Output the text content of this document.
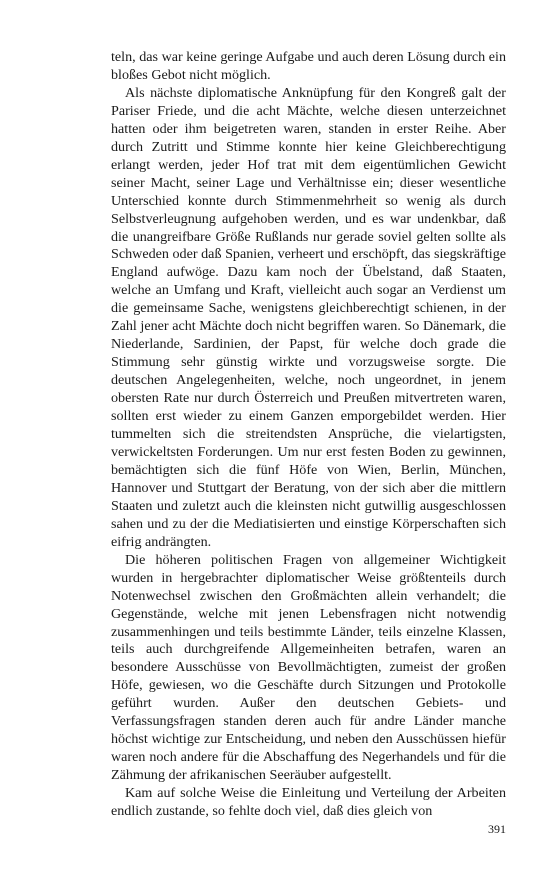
teln, das war keine geringe Aufgabe und auch deren Lösung durch ein bloßes Gebot nicht möglich.

Als nächste diplomatische Anknüpfung für den Kongreß galt der Pariser Friede, und die acht Mächte, welche diesen unterzeichnet hatten oder ihm beigetreten waren, standen in erster Reihe. Aber durch Zutritt und Stimme konnte hier keine Gleichberechtigung erlangt werden, jeder Hof trat mit dem eigentümlichen Gewicht seiner Macht, seiner Lage und Verhältnisse ein; dieser wesentliche Unterschied konnte durch Stimmenmehrheit so wenig als durch Selbstverleugnung aufgehoben werden, und es war undenkbar, daß die unangreifbare Größe Rußlands nur gerade soviel gelten sollte als Schweden oder daß Spanien, verheert und erschöpft, das siegskräftige England aufwöge. Dazu kam noch der Übelstand, daß Staaten, welche an Umfang und Kraft, vielleicht auch sogar an Verdienst um die gemeinsame Sache, wenigstens gleichberechtigt schienen, in der Zahl jener acht Mächte doch nicht begriffen waren. So Dänemark, die Niederlande, Sardinien, der Papst, für welche doch grade die Stimmung sehr günstig wirkte und vorzugsweise sorgte. Die deutschen Angelegenheiten, welche, noch ungeordnet, in jenem obersten Rate nur durch Österreich und Preußen mitvertreten waren, sollten erst wieder zu einem Ganzen emporgebildet werden. Hier tummelten sich die streitendsten Ansprüche, die vielartigsten, verwickeltsten Forderungen. Um nur erst festen Boden zu gewinnen, bemächtigten sich die fünf Höfe von Wien, Berlin, München, Hannover und Stuttgart der Beratung, von der sich aber die mittlern Staaten und zuletzt auch die kleinsten nicht gutwillig ausgeschlossen sahen und zu der die Mediatisierten und einstige Körperschaften sich eifrig andrängten.

Die höheren politischen Fragen von allgemeiner Wichtigkeit wurden in hergebrachter diplomatischer Weise größtenteils durch Notenwechsel zwischen den Großmächten allein verhandelt; die Gegenstände, welche mit jenen Lebensfragen nicht notwendig zusammenhingen und teils bestimmte Länder, teils einzelne Klassen, teils auch durchgreifende Allgemeinheiten betrafen, waren an besondere Ausschüsse von Bevollmächtigten, zumeist der großen Höfe, gewiesen, wo die Geschäfte durch Sitzungen und Protokolle geführt wurden. Außer den deutschen Gebiets- und Verfassungsfragen standen deren auch für andre Länder manche höchst wichtige zur Entscheidung, und neben den Ausschüssen hiefür waren noch andere für die Abschaffung des Negerhandels und für die Zähmung der afrikanischen Seeräuber aufgestellt.

Kam auf solche Weise die Einleitung und Verteilung der Arbeiten endlich zustande, so fehlte doch viel, daß dies gleich von

391
